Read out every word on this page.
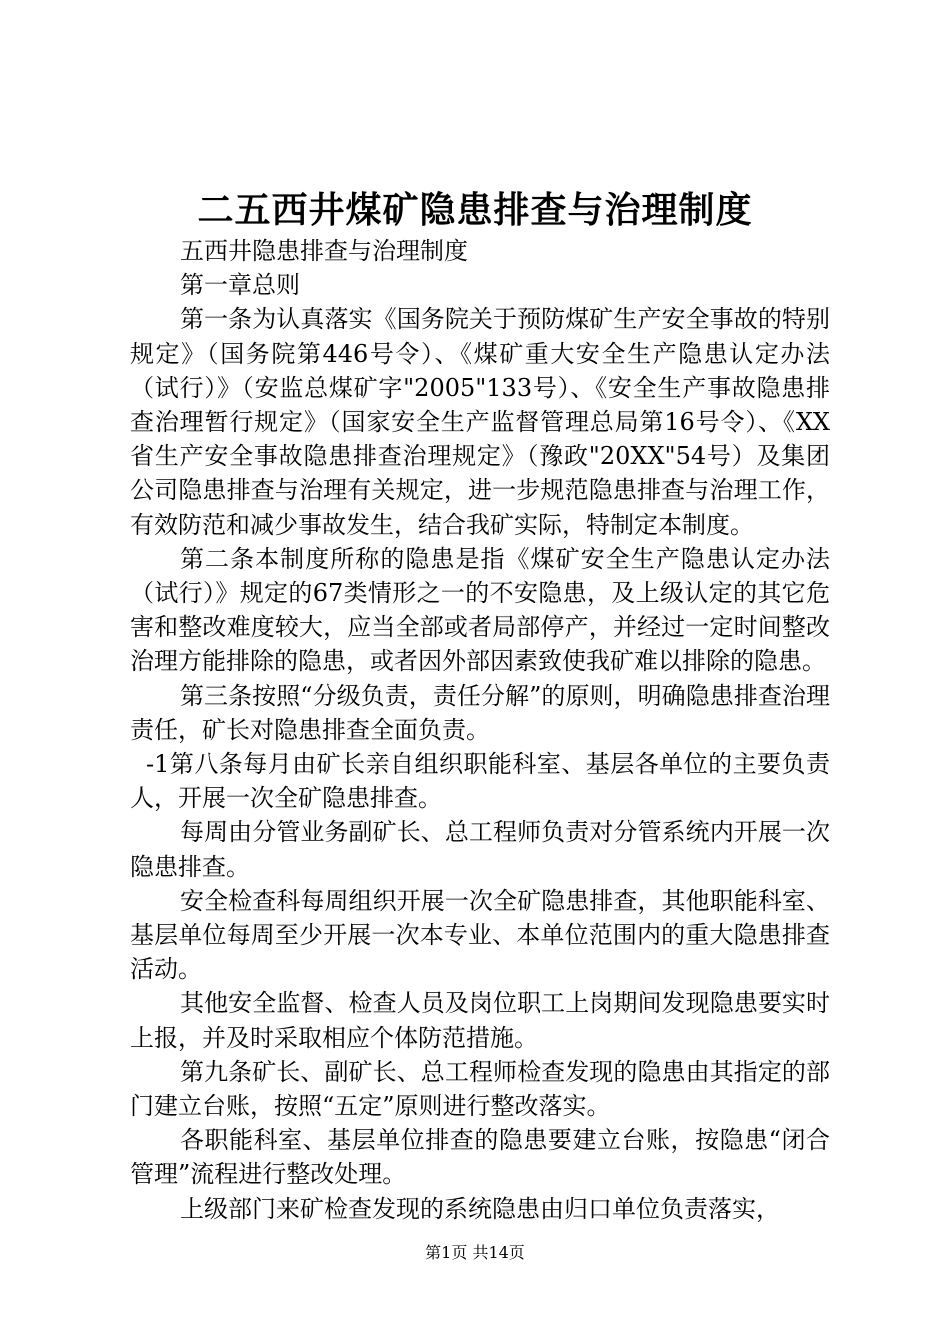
二五西井煤矿隐患排查与治理制度

五西井隐患排查与治理制度

第一章总则

第一条为认真落实《国务院关于预防煤矿生产安全事故的特别规定》（国务院第446号令）、《煤矿重大安全生产隐患认定办法（试行）》（安监总煤矿字"2005"133号）、《安全生产事故隐患排查治理暂行规定》（国家安全生产监督管理总局第16号令）、《XX省生产安全事故隐患排查治理规定》（豫政"20XX"54号）及集团公司隐患排查与治理有关规定，进一步规范隐患排查与治理工作，有效防范和减少事故发生，结合我矿实际，特制定本制度。

第二条本制度所称的隐患是指《煤矿安全生产隐患认定办法（试行）》规定的67类情形之一的不安隐患，及上级认定的其它危害和整改难度较大，应当全部或者局部停产，并经过一定时间整改治理方能排除的隐患，或者因外部因素致使我矿难以排除的隐患。

第三条按照“分级负责，责任分解”的原则，明确隐患排查治理责任，矿长对隐患排查全面负责。

-1第八条每月由矿长亲自组织职能科室、基层各单位的主要负责人，开展一次全矿隐患排查。

每周由分管业务副矿长、总工程师负责对分管系统内开展一次隐患排查。

安全检查科每周组织开展一次全矿隐患排查，其他职能科室、基层单位每周至少开展一次本专业、本单位范围内的重大隐患排查活动。

其他安全监督、检查人员及岗位职工上岗期间发现隐患要实时上报，并及时采取相应个体防范措施。

第九条矿长、副矿长、总工程师检查发现的隐患由其指定的部门建立台账，按照“五定”原则进行整改落实。

各职能科室、基层单位排查的隐患要建立台账，按隐患“闭合管理”流程进行整改处理。

上级部门来矿检查发现的系统隐患由归口单位负责落实，

第1页 共14页
